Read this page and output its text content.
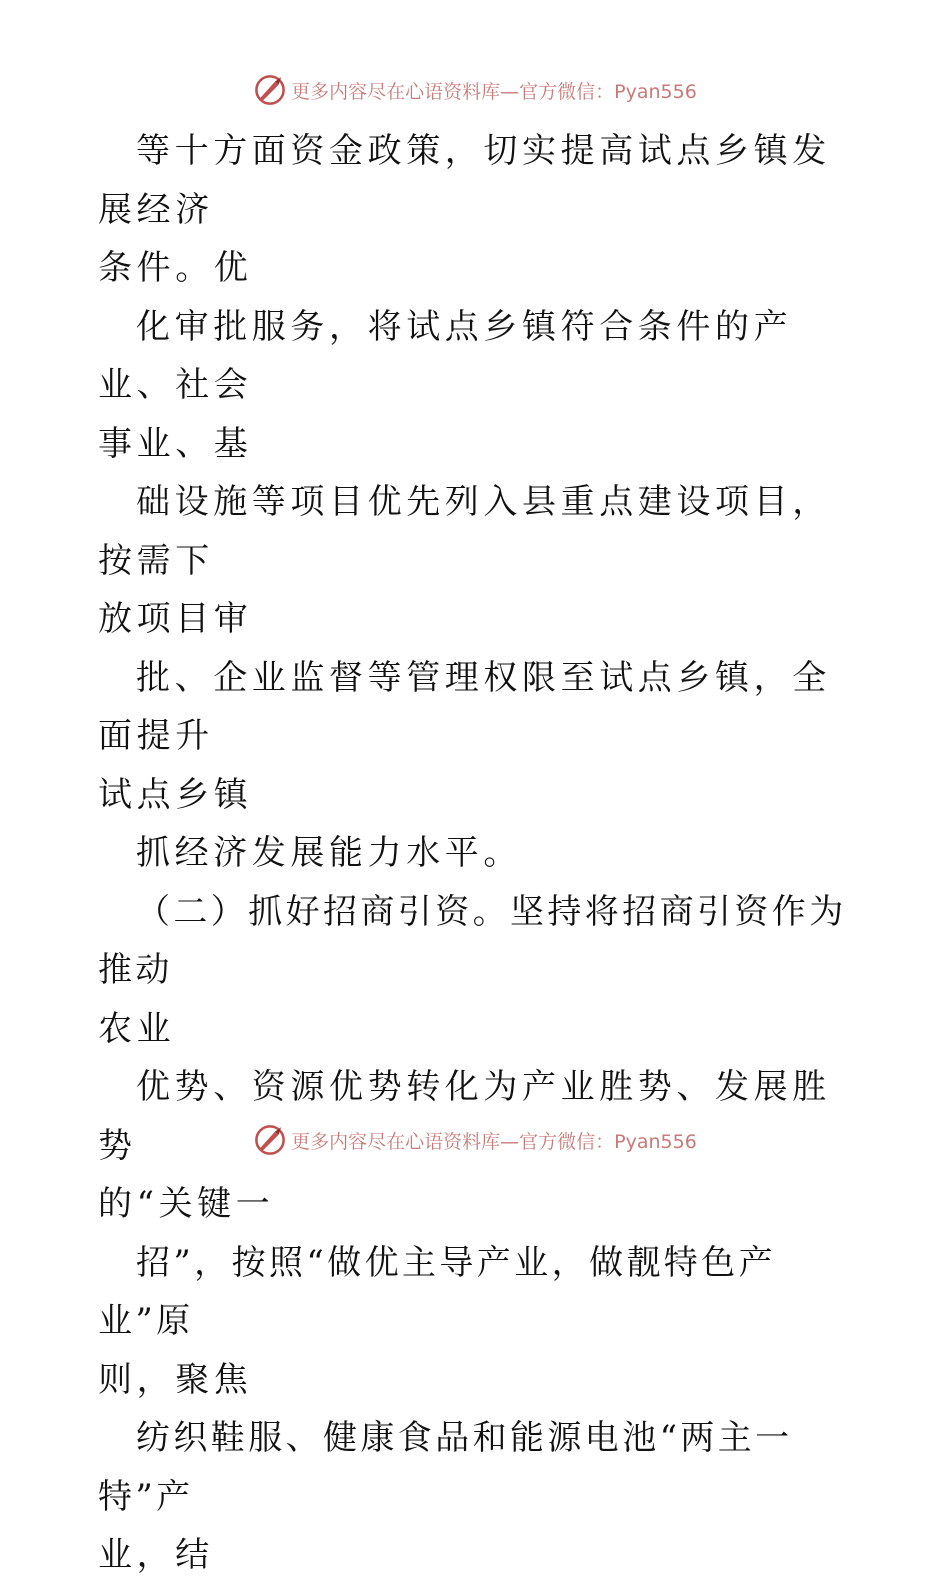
更多内容尽在心语资料库—官方微信：Pyan556

等十方面资金政策，切实提高试点乡镇发展经济

条件。优

化审批服务，将试点乡镇符合条件的产业、社会

事业、基

础设施等项目优先列入县重点建设项目，按需下

放项目审

批、企业监督等管理权限至试点乡镇，全面提升

试点乡镇

抓经济发展能力水平。

（二）抓好招商引资。坚持将招商引资作为推动

农业

优势、资源优势转化为产业胜势、发展胜势

的“关键一

招”，按照“做优主导产业，做靓特色产业”原

则，聚焦

纺织鞋服、健康食品和能源电池“两主一特”产

业，结

更多内容尽在心语资料库—官方微信：Pyan556
